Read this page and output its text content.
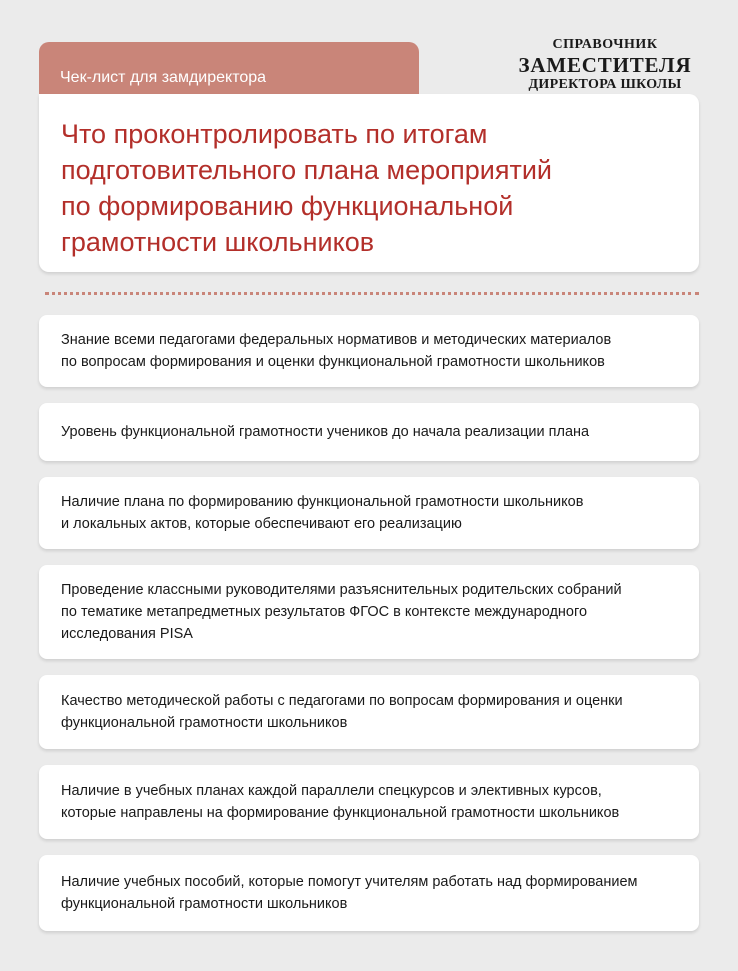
Чек-лист для замдиректора
Что проконтролировать по итогам
подготовительного плана мероприятий
по формированию функциональной
грамотности школьников
СПРАВОЧНИК
ЗАМЕСТИТЕЛЯ
ДИРЕКТОРА ШКОЛЫ
Знание всеми педагогами федеральных нормативов и методических материалов
по вопросам формирования и оценки функциональной грамотности школьников
Уровень функциональной грамотности учеников до начала реализации плана
Наличие плана по формированию функциональной грамотности школьников
и локальных актов, которые обеспечивают его реализацию
Проведение классными руководителями разъяснительных родительских собраний
по тематике метапредметных результатов ФГОС в контексте международного
исследования PISA
Качество методической работы с педагогами по вопросам формирования и оценки
функциональной грамотности школьников
Наличие в учебных планах каждой параллели спецкурсов и элективных курсов,
которые направлены на формирование функциональной грамотности школьников
Наличие учебных пособий, которые помогут учителям работать над формированием
функциональной грамотности школьников
